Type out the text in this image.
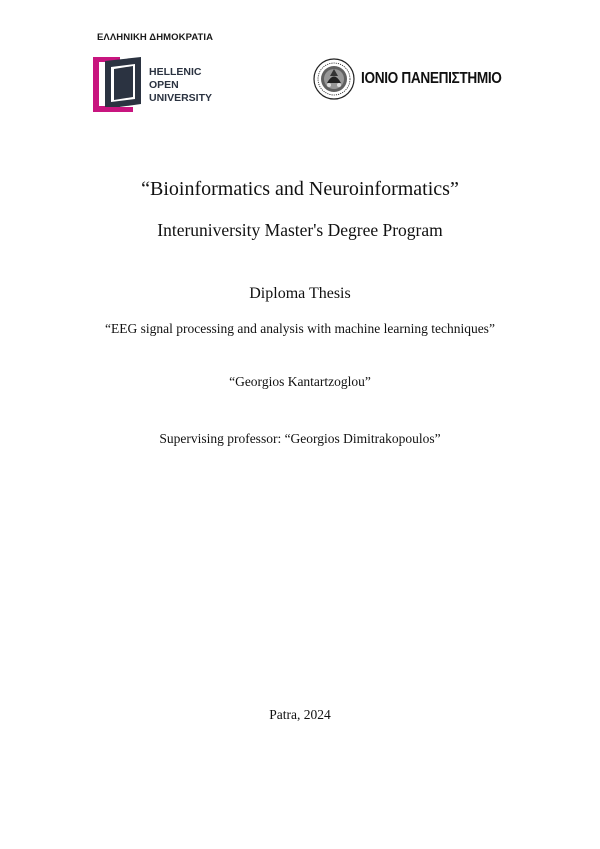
ΕΛΛΗΝΙΚΗ ΔΗΜΟΚΡΑΤΙΑ
HELLENIC
OPEN
UNIVERSITY
ΙΟΝΙΟ ΠΑΝΕΠΙΣΤΗΜΙΟ
“Bioinformatics and Neuroinformatics”
Interuniversity Master's Degree Program
Diploma Thesis
“EEG signal processing and analysis with machine learning techniques”
“Georgios Kantartzoglou”
Supervising professor: “Georgios Dimitrakopoulos”
Patra, 2024
